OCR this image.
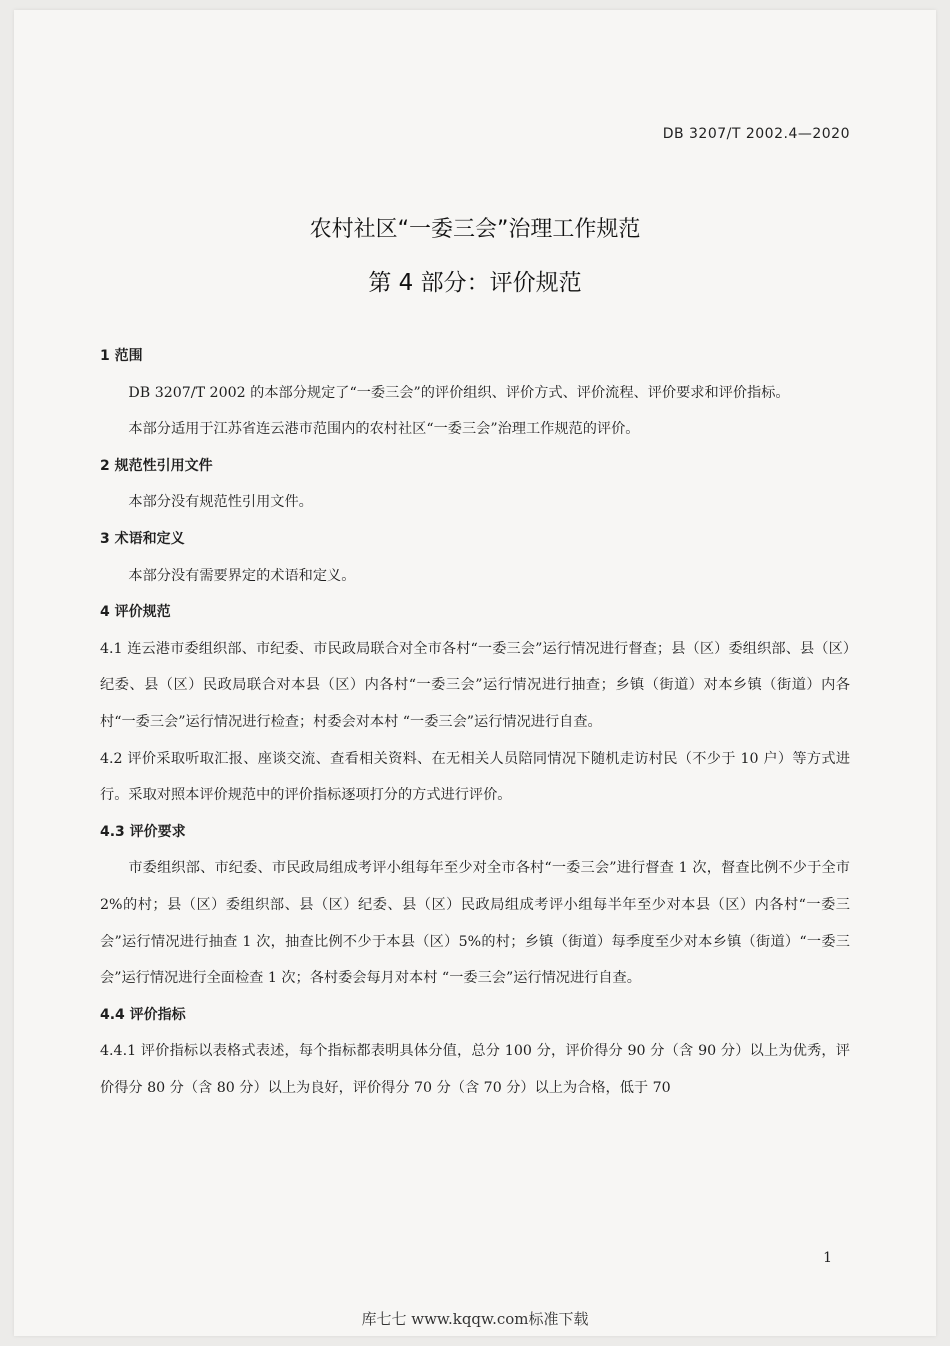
DB 3207/T 2002.4—2020
农村社区“一委三会”治理工作规范
第 4 部分：评价规范

1 范围

DB 3207/T 2002 的本部分规定了“一委三会”的评价组织、评价方式、评价流程、评价要求和评价指标。

本部分适用于江苏省连云港市范围内的农村社区“一委三会”治理工作规范的评价。

2 规范性引用文件

本部分没有规范性引用文件。

3 术语和定义

本部分没有需要界定的术语和定义。

4 评价规范

4.1 连云港市委组织部、市纪委、市民政局联合对全市各村“一委三会”运行情况进行督查；县（区）委组织部、县（区）纪委、县（区）民政局联合对本县（区）内各村“一委三会”运行情况进行抽查；乡镇（街道）对本乡镇（街道）内各村“一委三会”运行情况进行检查；村委会对本村 “一委三会”运行情况进行自查。

4.2 评价采取听取汇报、座谈交流、查看相关资料、在无相关人员陪同情况下随机走访村民（不少于 10 户）等方式进行。采取对照本评价规范中的评价指标逐项打分的方式进行评价。

4.3 评价要求

市委组织部、市纪委、市民政局组成考评小组每年至少对全市各村“一委三会”进行督查 1 次，督查比例不少于全市 2%的村；县（区）委组织部、县（区）纪委、县（区）民政局组成考评小组每半年至少对本县（区）内各村“一委三会”运行情况进行抽查 1 次，抽查比例不少于本县（区）5%的村；乡镇（街道）每季度至少对本乡镇（街道）“一委三会”运行情况进行全面检查 1 次；各村委会每月对本村 “一委三会”运行情况进行自查。

4.4 评价指标

4.4.1 评价指标以表格式表述，每个指标都表明具体分值，总分 100 分，评价得分 90 分（含 90 分）以上为优秀，评价得分 80 分（含 80 分）以上为良好，评价得分 70 分（含 70 分）以上为合格，低于 70

1
库七七 www.kqqw.com标准下载
